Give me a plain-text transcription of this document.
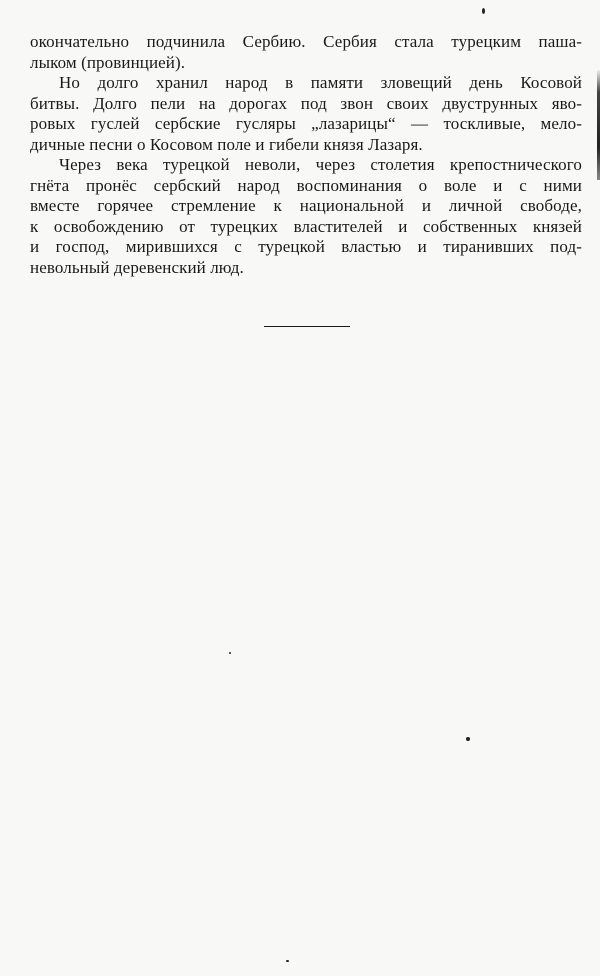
окончательно подчинила Сербию. Сербия стала турецким паша-
лыком (провинцией).
Но долго хранил народ в памяти зловещий день Косовой
битвы. Долго пели на дорогах под звон своих двуструнных яво-
ровых гуслей сербские гусляры „лазарицы“ — тоскливые, мело-
дичные песни о Косовом поле и гибели князя Лазаря.
Через века турецкой неволи, через столетия крепостнического
гнёта пронёс сербский народ воспоминания о воле и с ними
вместе горячее стремление к национальной и личной свободе,
к освобождению от турецких властителей и собственных князей
и господ, мирившихся с турецкой властью и тиранивших под-
невольный деревенский люд.
